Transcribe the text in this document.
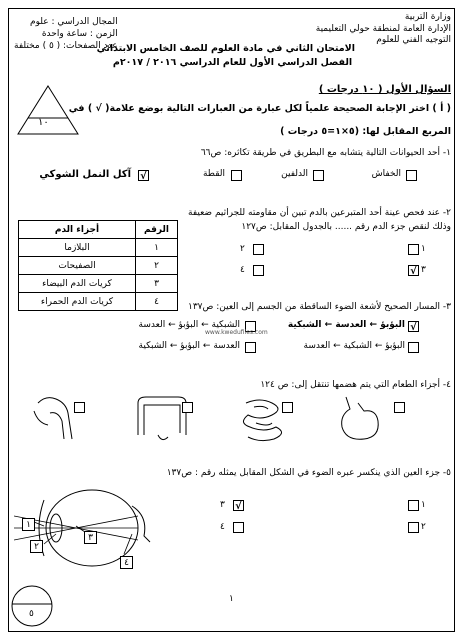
وزارة التربية
الإدارة العامة لمنطقة حولي التعليمية
التوجيه الفني للعلوم
المجال الدراسي : علوم
الزمن : ساعة واحدة
عدد الصفحات: ( ٥ ) مختلفة
الامتحان الثاني في مادة العلوم للصف الخامس الابتدائي
الفصل الدراسي الأول للعام الدراسي ٢٠١٦ / ٢٠١٧م
١٠
السؤال الأول ( ١٠ درجات )
( أ ) اختر الإجابة الصحيحة علمياً لكل عبارة من العبارات التالية بوضع علامة( √ ) في
المربع المقابل لها: (٥×١=٥ درجات )
١- أحد الحيوانات التالية يتشابه مع البطريق في طريقة تكاثره: ص٦٦
الخفاش
الدلفين
القطة
√
آكل النمل الشوكي
٢- عند فحص عينة أحد المتبرعين بالدم تبين أن مقاومته للجراثيم ضعيفة
وذلك لنقص جزء الدم رقم ...... بالجدول المقابل: ص١٢٧
١
٢
√ ٣
٤
الرقم	أجزاء الدم
١	البلازما
٢	الصفيحات
٣	كريات الدم البيضاء
٤	كريات الدم الحمراء
٣- المسار الصحيح لأشعة الضوء الساقطة من الجسم إلى العين: ص١٣٧
√
البؤبؤ ← العدسة ← الشبكية
الشبكية ← البؤبؤ ← العدسة
www.kwedufiles.com
البؤبؤ ← الشبكية ← العدسة
العدسة ← البؤبؤ ← الشبكية
٤- أجزاء الطعام التي يتم هضمها تنتقل إلى: ص ١٢٤
٥- جزء العين الذي ينكسر عبره الضوء في الشكل المقابل يمثله رقم : ص١٣٧
١
√
٣
٢
٤
١
٢
٣
٤
٥
١
